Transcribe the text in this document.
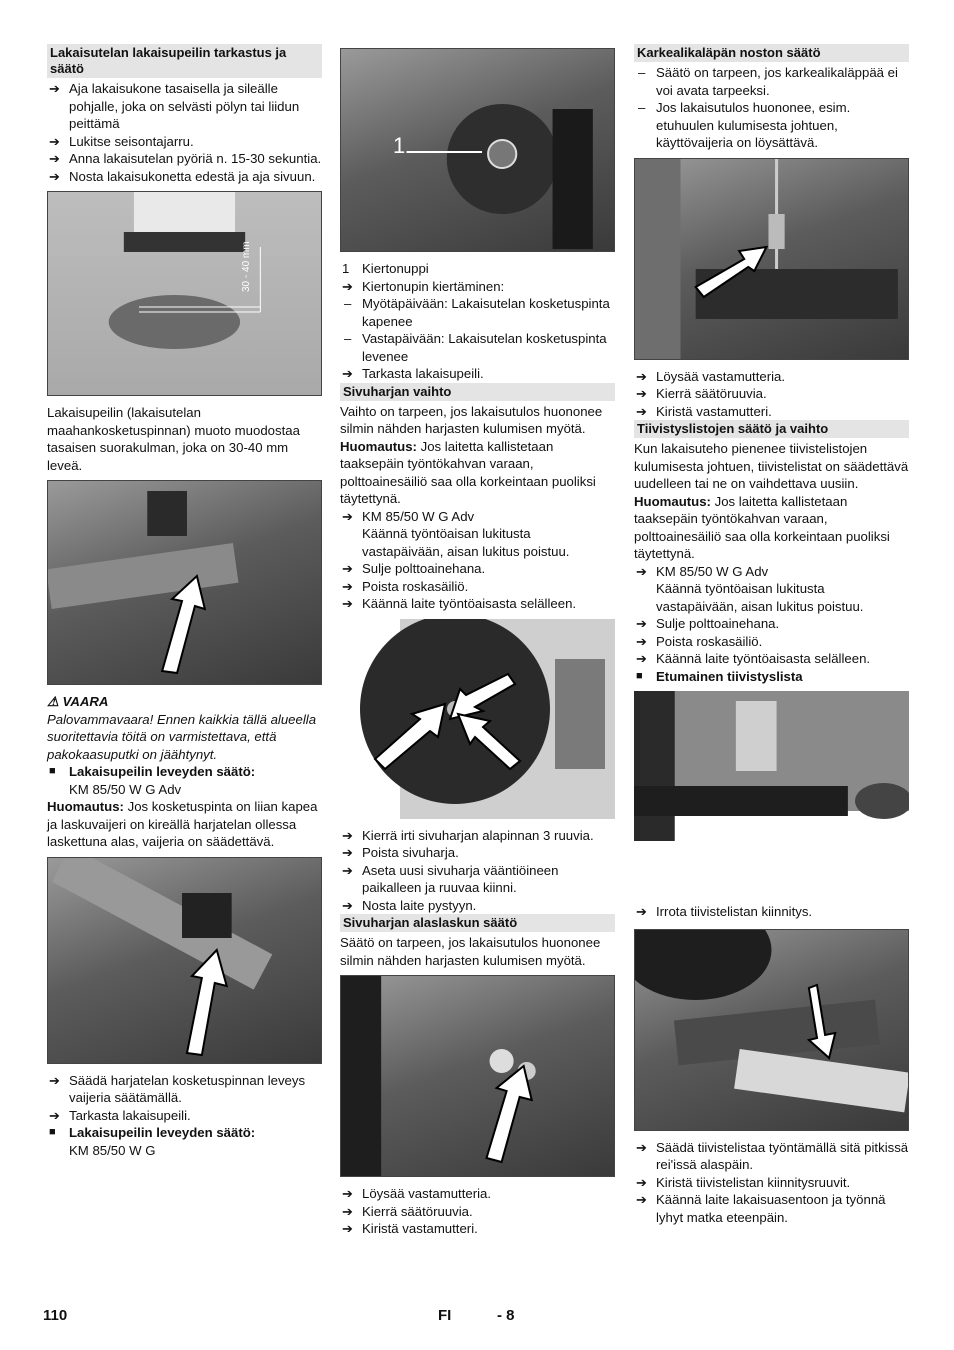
Lakaisutelan lakaisupeilin tarkastus ja säätö
➔ Aja lakaisukone tasaisella ja sileälle pohjalle, joka on selvästi pölyn tai liidun peittämä
➔ Lukitse seisontajarru.
➔ Anna lakaisutelan pyöriä n. 15-30 sekuntia.
➔ Nosta lakaisukonetta edestä ja aja sivuun.
30 - 40 mm
Lakaisupeilin (lakaisutelan maahankosketuspinnan) muoto muodostaa tasaisen suorakulman, joka on 30-40 mm leveä.
⚠ VAARA
Palovammavaara! Ennen kaikkia tällä alueella suoritettavia töitä on varmistettava, että pakokaasuputki on jäähtynyt.
■	Lakaisupeilin leveyden säätö:
KM 85/50 W G Adv
Huomautus: Jos kosketuspinta on liian kapea ja laskuvaijeri on kireällä harjatelan ollessa laskettuna alas, vaijeria on säädettävä.
➔ Säädä harjatelan kosketuspinnan leveys vaijeria säätämällä.
➔ Tarkasta lakaisupeili.
■	Lakaisupeilin leveyden säätö:
KM 85/50 W G
1
1 Kiertonuppi
➔ Kiertonupin kiertäminen:
– Myötäpäivään: Lakaisutelan kosketuspinta kapenee
– Vastapäivään: Lakaisutelan kosketuspinta levenee
➔ Tarkasta lakaisupeili.
Sivuharjan vaihto
Vaihto on tarpeen, jos lakaisutulos huononee silmin nähden harjasten kulumisen myötä.
Huomautus: Jos laitetta kallistetaan taaksepäin työntökahvan varaan, polttoainesäiliö saa olla korkeintaan puoliksi täytettynä.
➔ KM 85/50 W G Adv
Käännä työntöaisan lukitusta vastapäivään, aisan lukitus poistuu.
➔ Sulje polttoainehana.
➔ Poista roskasäiliö.
➔ Käännä laite työntöaisasta selälleen.
➔ Kierrä irti sivuharjan alapinnan 3 ruuvia.
➔ Poista sivuharja.
➔ Aseta uusi sivuharja vääntiöineen paikalleen ja ruuvaa kiinni.
➔ Nosta laite pystyyn.
Sivuharjan alaslaskun säätö
Säätö on tarpeen, jos lakaisutulos huononee silmin nähden harjasten kulumisen myötä.
➔ Löysää vastamutteria.
➔ Kierrä säätöruuvia.
➔ Kiristä vastamutteri.
Karkealikaläpän noston säätö
– Säätö on tarpeen, jos karkealikaläppää ei voi avata tarpeeksi.
– Jos lakaisutulos huononee, esim. etuhuulen kulumisesta johtuen, käyttövaijeria on löysättävä.
➔ Löysää vastamutteria.
➔ Kierrä säätöruuvia.
➔ Kiristä vastamutteri.
Tiivistyslistojen säätö ja vaihto
Kun lakaisuteho pienenee tiivistelistojen kulumisesta johtuen, tiivistelistat on säädettävä uudelleen tai ne on vaihdettava uusiin.
Huomautus: Jos laitetta kallistetaan taaksepäin työntökahvan varaan, polttoainesäiliö saa olla korkeintaan puoliksi täytettynä.
➔ KM 85/50 W G Adv
Käännä työntöaisan lukitusta vastapäivään, aisan lukitus poistuu.
➔ Sulje polttoainehana.
➔ Poista roskasäiliö.
➔ Käännä laite työntöaisasta selälleen.
■	Etumainen tiivistyslista
➔ Irrota tiivistelistan kiinnitys.
➔ Säädä tiivistelistaa työntämällä sitä pitkissä rei'issä alaspäin.
➔ Kiristä tiivistelistan kiinnitysruuvit.
➔ Käännä laite lakaisuasentoon ja työnnä lyhyt matka eteenpäin.
110	FI	- 8
